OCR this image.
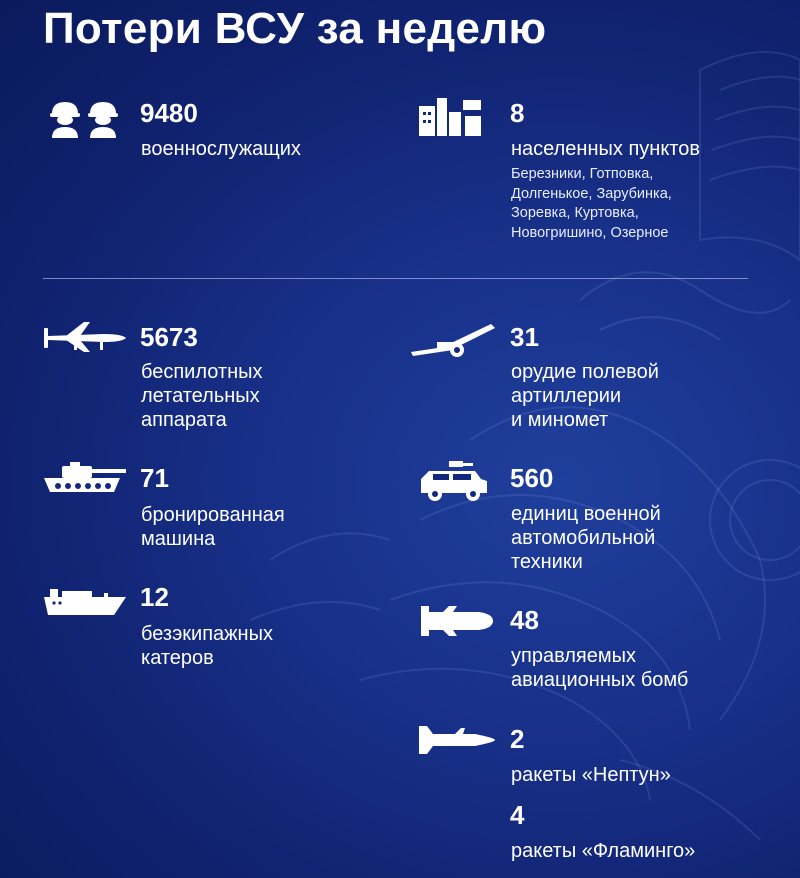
Потери ВСУ за неделю
9480
военнослужащих
8
населенных пунктов
Березники, Готповка,
Долгенькое, Зарубинка,
Зоревка, Куртовка,
Новогришино, Озерное
5673
беспилотных
летательных
аппарата
31
орудие полевой
артиллерии
и миномет
71
бронированная
машина
560
единиц военной
автомобильной
техники
12
безэкипажных
катеров
48
управляемых
авиационных бомб
2
ракеты «Нептун»
4
ракеты «Фламинго»
